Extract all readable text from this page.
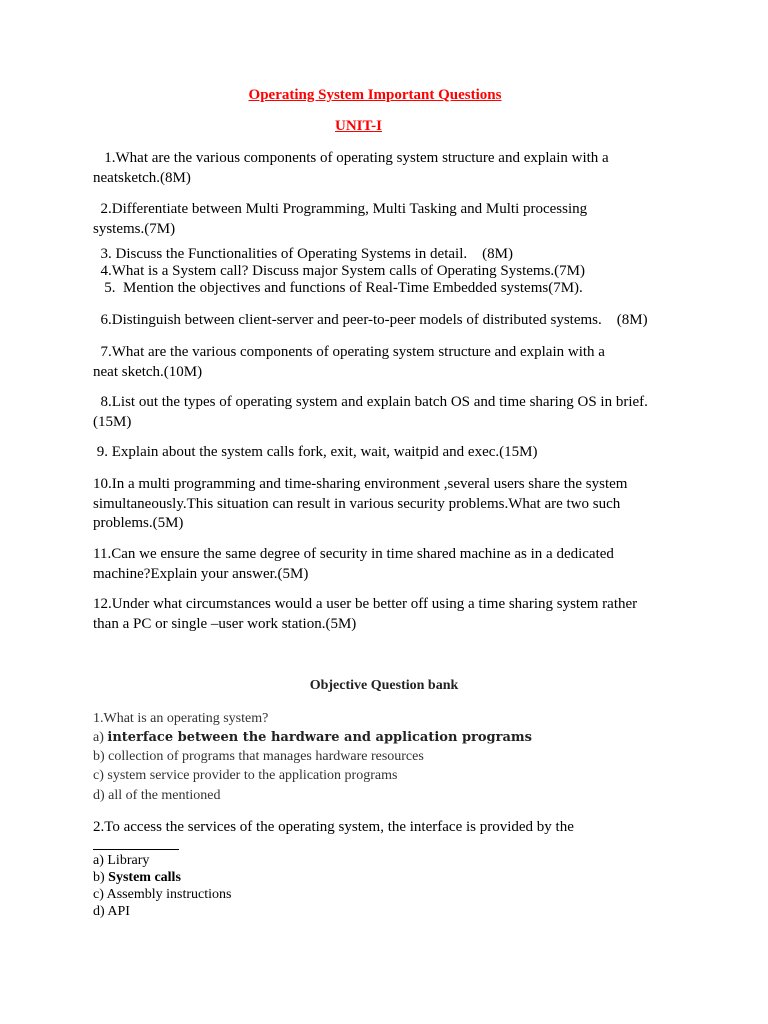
Operating System Important Questions
UNIT-I
1.What are the various components of operating system structure and explain with a
neatsketch.(8M)
2.Differentiate between Multi Programming, Multi Tasking and Multi processing
systems.(7M)
3. Discuss the Functionalities of Operating Systems in detail.    (8M)
4.What is a System call? Discuss major System calls of Operating Systems.(7M)
5.  Mention the objectives and functions of Real-Time Embedded systems(7M).
6.Distinguish between client-server and peer-to-peer models of distributed systems.    (8M)
7.What are the various components of operating system structure and explain with a
neat sketch.(10M)
8.List out the types of operating system and explain batch OS and time sharing OS in brief.
(15M)
9. Explain about the system calls fork, exit, wait, waitpid and exec.(15M)
10.In a multi programming and time-sharing environment ,several users share the system
simultaneously.This situation can result in various security problems.What are two such
problems.(5M)
11.Can we ensure the same degree of security in time shared machine as in a dedicated
machine?Explain your answer.(5M)
12.Under what circumstances would a user be better off using a time sharing system rather
than a PC or single –user work station.(5M)
Objective Question bank
1.What is an operating system?
a) interface between the hardware and application programs
b) collection of programs that manages hardware resources
c) system service provider to the application programs
d) all of the mentioned
2.To access the services of the operating system, the interface is provided by the

a) Library
b) System calls
c) Assembly instructions
d) API
